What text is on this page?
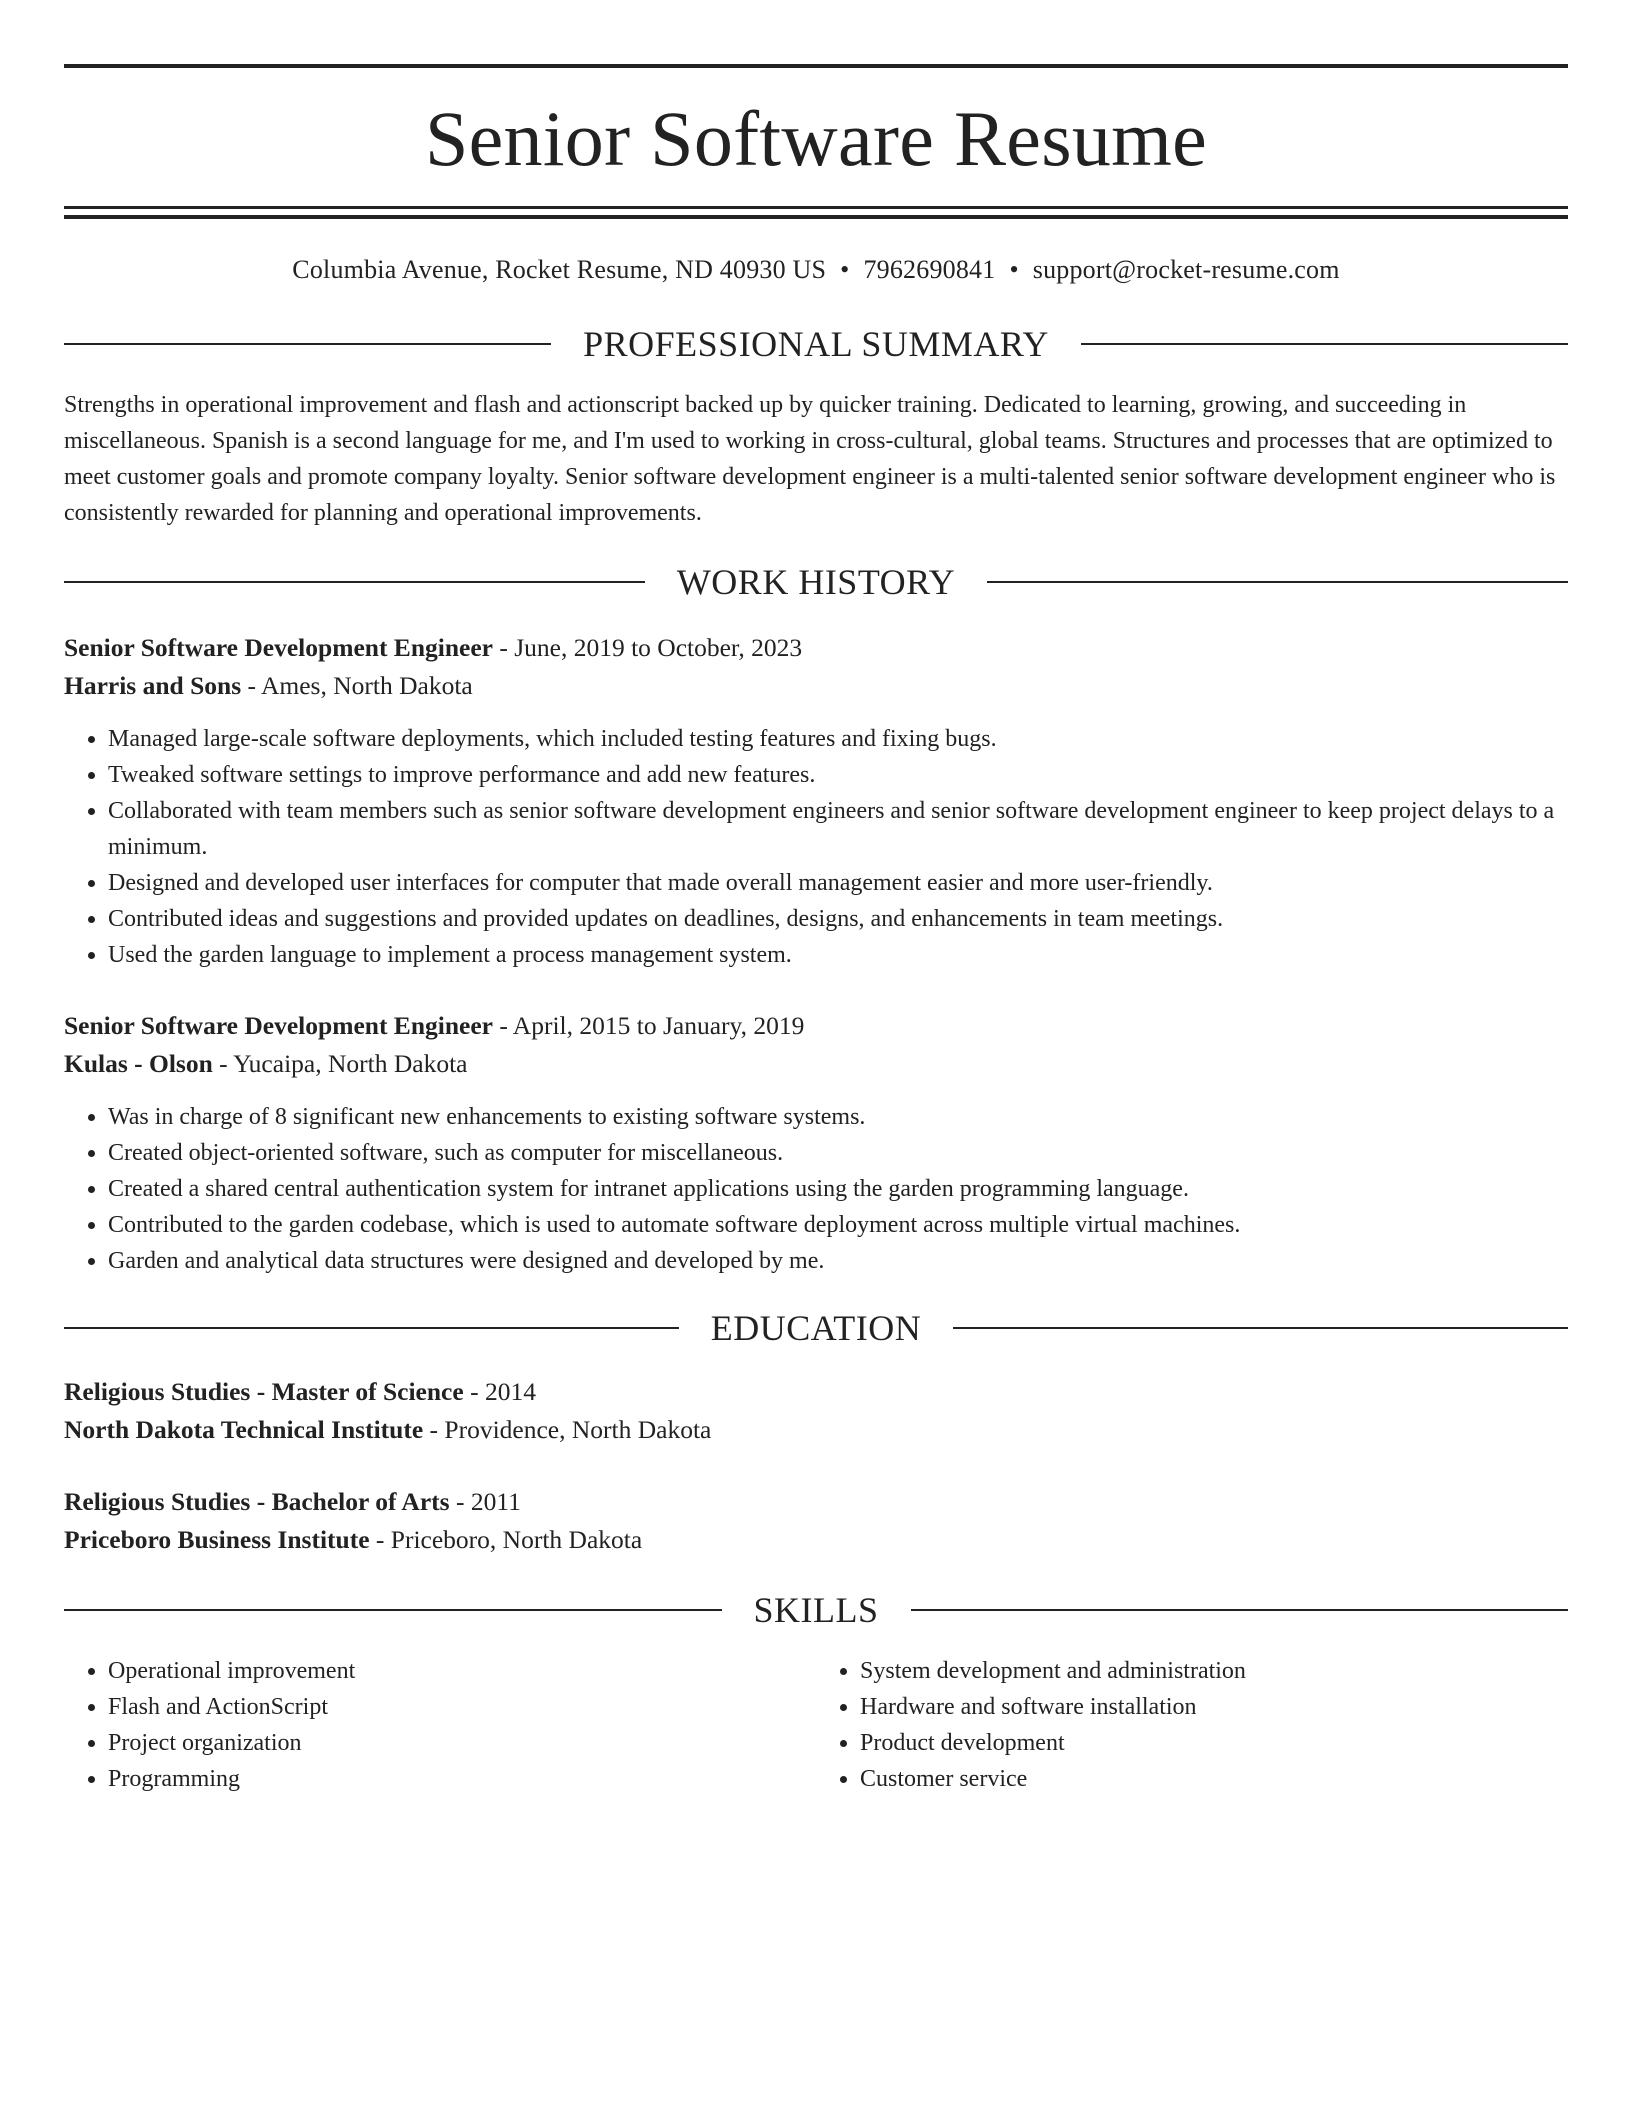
Senior Software Resume
Columbia Avenue, Rocket Resume, ND 40930 US • 7962690841 • support@rocket-resume.com
PROFESSIONAL SUMMARY

Strengths in operational improvement and flash and actionscript backed up by quicker training. Dedicated to learning, growing, and succeeding in miscellaneous. Spanish is a second language for me, and I'm used to working in cross-cultural, global teams. Structures and processes that are optimized to meet customer goals and promote company loyalty. Senior software development engineer is a multi-talented senior software development engineer who is consistently rewarded for planning and operational improvements.

WORK HISTORY
Senior Software Development Engineer - June, 2019 to October, 2023
Harris and Sons - Ames, North Dakota
• Managed large-scale software deployments, which included testing features and fixing bugs.
• Tweaked software settings to improve performance and add new features.
• Collaborated with team members such as senior software development engineers and senior software development engineer to keep project delays to a minimum.
• Designed and developed user interfaces for computer that made overall management easier and more user-friendly.
• Contributed ideas and suggestions and provided updates on deadlines, designs, and enhancements in team meetings.
• Used the garden language to implement a process management system.
Senior Software Development Engineer - April, 2015 to January, 2019
Kulas - Olson - Yucaipa, North Dakota
• Was in charge of 8 significant new enhancements to existing software systems.
• Created object-oriented software, such as computer for miscellaneous.
• Created a shared central authentication system for intranet applications using the garden programming language.
• Contributed to the garden codebase, which is used to automate software deployment across multiple virtual machines.
• Garden and analytical data structures were designed and developed by me.
EDUCATION
Religious Studies - Master of Science - 2014
North Dakota Technical Institute - Providence, North Dakota
Religious Studies - Bachelor of Arts - 2011
Priceboro Business Institute - Priceboro, North Dakota
SKILLS
• Operational improvement
• Flash and ActionScript
• Project organization
• Programming
• System development and administration
• Hardware and software installation
• Product development
• Customer service
